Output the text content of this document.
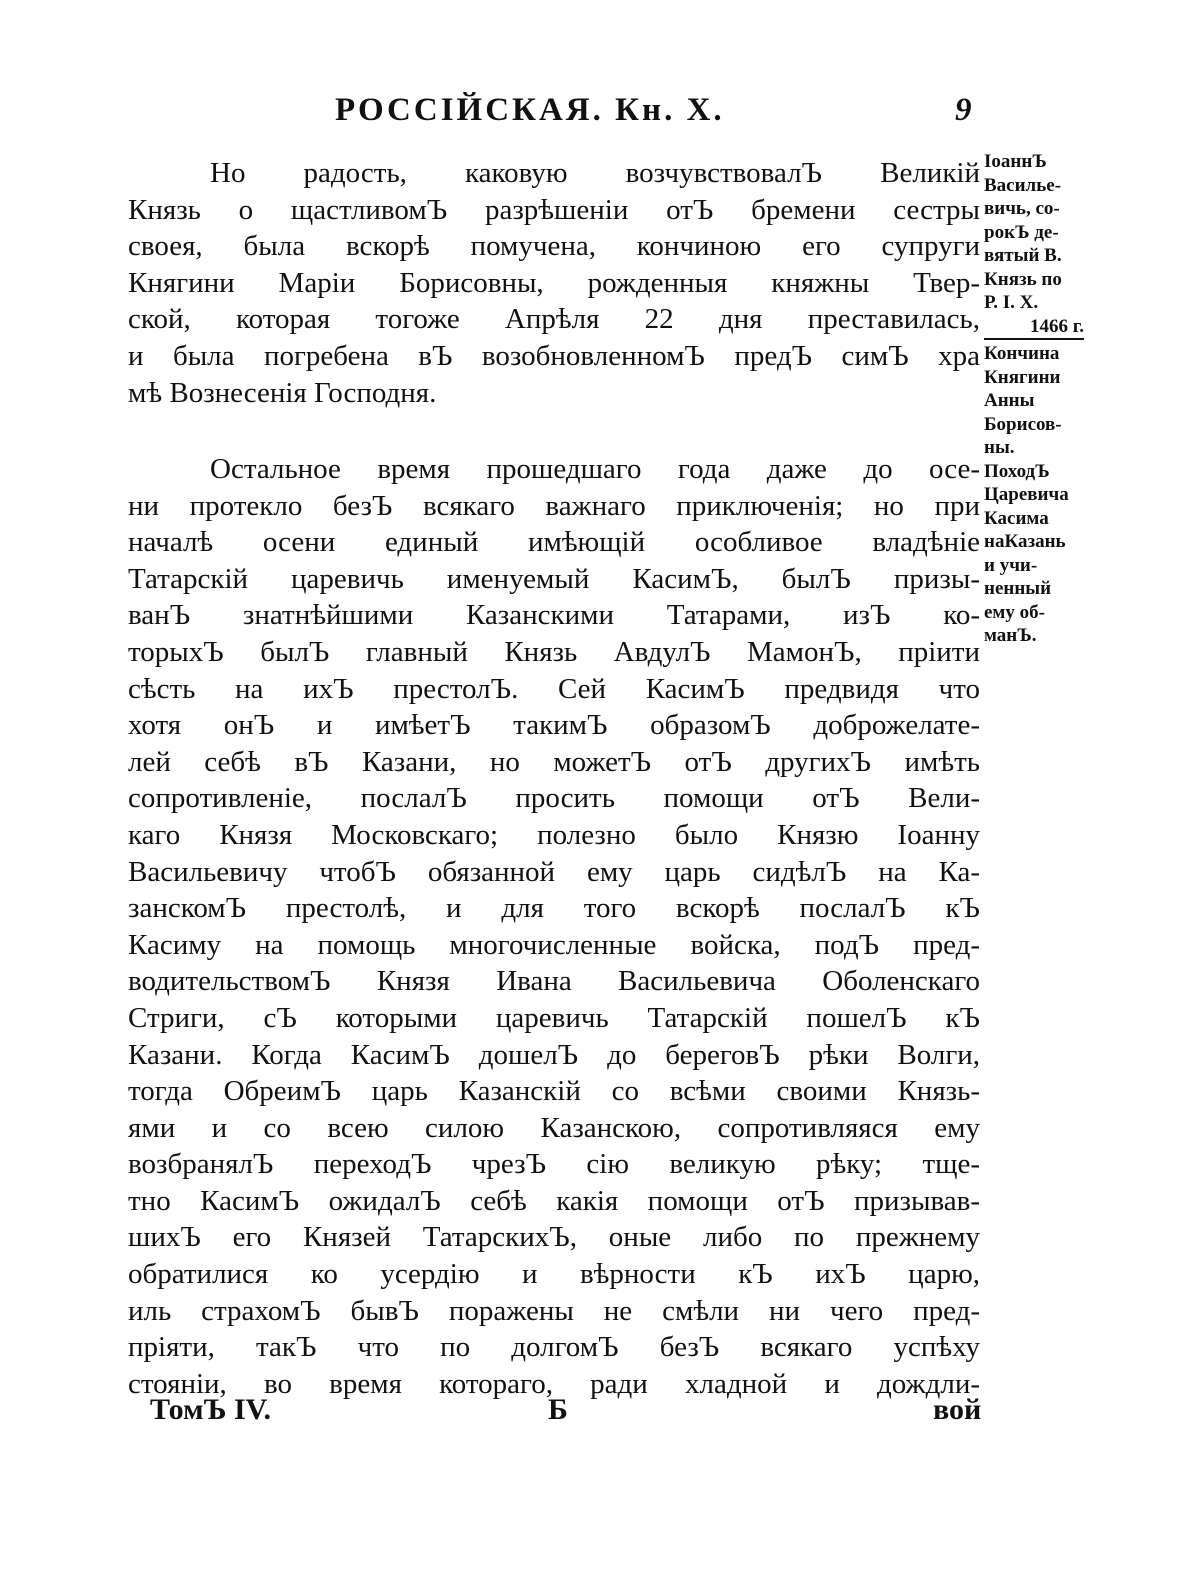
РОССІЙСКАЯ. Кн. X.	9
Но радость, каковую возчувствовалЪ Великій
Князь о щастливомЪ разрѣшеніи отЪ бремени сестры
своея, была вскорѣ помучена, кончиною его супруги
Княгини Маріи Борисовны, рожденныя княжны Твер-
ской, которая тогоже Апрѣля 22 дня преставилась,
и была погребена вЪ возобновленномЪ предЪ симЪ хра
мѣ Вознесенія Господня.
Остальное время прошедшаго года даже до осе-
ни протекло безЪ всякаго важнаго приключенія; но при
началѣ осени единый имѣющій особливое владѣніе
Татарскій царевичь именуемый КасимЪ, былЪ призы-
ванЪ знатнѣйшими Казанскими Татарами, изЪ ко-
торыхЪ былЪ главный Князь АвдулЪ МамонЪ, пріити
сѣсть на ихЪ престолЪ. Сей КасимЪ предвидя что
хотя онЪ и имѣетЪ такимЪ образомЪ доброжелате-
лей себѣ вЪ Казани, но можетЪ отЪ другихЪ имѣть
сопротивленіе, послалЪ просить помощи отЪ Вели-
каго Князя Московскаго; полезно было Князю Іоанну
Васильевичу чтобЪ обязанной ему царь сидѣлЪ на Ка-
занскомЪ престолѣ, и для того вскорѣ послалЪ кЪ
Касиму на помощь многочисленные войска, подЪ пред-
водительствомЪ Князя Ивана Васильевича Оболенскаго
Стриги, сЪ которыми царевичь Татарскій пошелЪ кЪ
Казани. Когда КасимЪ дошелЪ до береговЪ рѣки Волги,
тогда ОбреимЪ царь Казанскій со всѣми своими Князь-
ями и со всею силою Казанскою, сопротивляяся ему
возбранялЪ переходЪ чрезЪ сію великую рѣку; тще-
тно КасимЪ ожидалЪ себѣ какія помощи отЪ призывав-
шихЪ его Князей ТатарскихЪ, оные либо по прежнему
обратилися ко усердію и вѣрности кЪ ихЪ царю,
иль страхомЪ бывЪ поражены не смѣли ни чего пред-
пріяти, такЪ что по долгомЪ безЪ всякаго успѣху
стояніи, во время котораго, ради хладной и дождли-
ІоаннЪ
Василье-
вичь, со-
рокЪ де-
вятый В.
Князь по
Р. I. X.
1466 г.
Кончина
Княгини
Анны
Борисов-
ны.
ПоходЪ
Царевича
Касима
наКазань
и учи-
ненный
ему об-
манЪ.
ТомЪ IV.	Б	вой
